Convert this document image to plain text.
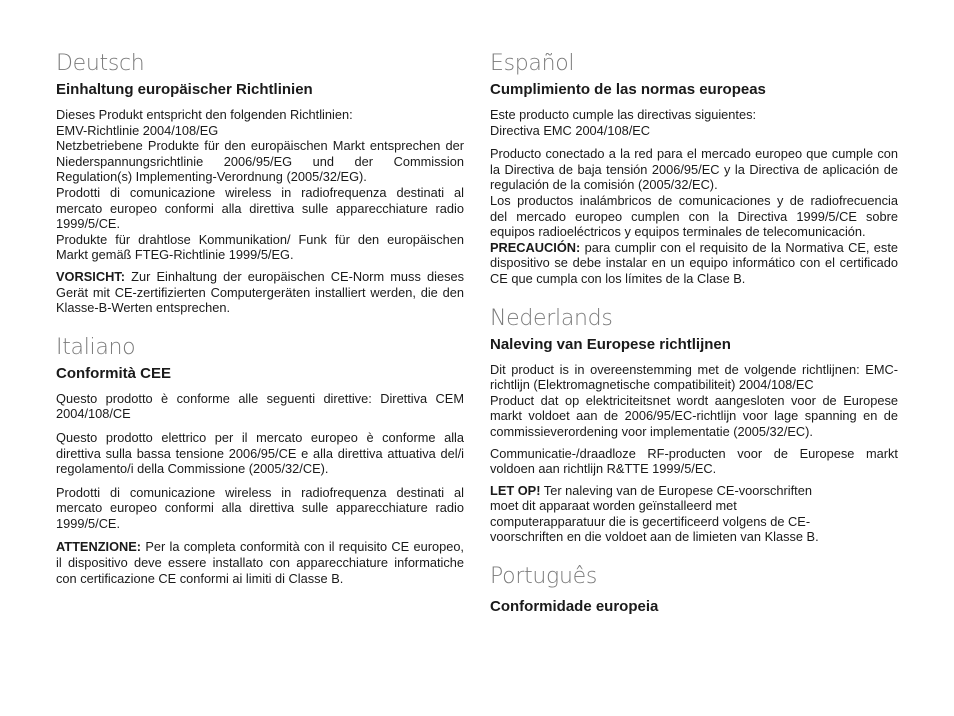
Deutsch
Einhaltung europäischer Richtlinien

Dieses Produkt entspricht den folgenden Richtlinien:
EMV-Richtlinie 2004/108/EG

Netzbetriebene Produkte für den europäischen Markt entsprechen der Niederspannungsrichtlinie 2006/95/EG und der Commission Regulation(s) Implementing-Verordnung (2005/32/EG).

Prodotti di comunicazione wireless in radiofrequenza destinati al mercato europeo conformi alla direttiva sulle apparecchiature radio 1999/5/CE.

Produkte für drahtlose Kommunikation/ Funk für den europäischen Markt gemäß FTEG-Richtlinie 1999/5/EG.

VORSICHT: Zur Einhaltung der europäischen CE-Norm muss dieses Gerät mit CE-zertifizierten Computergeräten installiert werden, die den Klasse-B-Werten entsprechen.

Italiano
Conformità CEE

Questo prodotto è conforme alle seguenti direttive: Direttiva CEM 2004/108/CE

Questo prodotto elettrico per il mercato europeo è conforme alla direttiva sulla bassa tensione 2006/95/CE e alla direttiva attuativa del/i regolamento/i della Commissione (2005/32/CE).

Prodotti di comunicazione wireless in radiofrequenza destinati al mercato europeo conformi alla direttiva sulle apparecchiature radio 1999/5/CE.

ATTENZIONE: Per la completa conformità con il requisito CE europeo, il dispositivo deve essere installato con apparecchiature informatiche con certificazione CE conformi ai limiti di Classe B.

Español
Cumplimiento de las normas europeas

Este producto cumple las directivas siguientes:
Directiva EMC 2004/108/EC

Producto conectado a la red para el mercado europeo que cumple con la Directiva de baja tensión 2006/95/EC y la Directiva de aplicación de regulación de la comisión (2005/32/EC).

Los productos inalámbricos de comunicaciones y de radiofrecuencia del mercado europeo cumplen con la Directiva 1999/5/CE sobre equipos radioeléctricos y equipos terminales de telecomunicación.

PRECAUCIÓN: para cumplir con el requisito de la Normativa CE, este dispositivo se debe instalar en un equipo informático con el certificado CE que cumpla con los límites de la Clase B.

Nederlands
Naleving van Europese richtlijnen

Dit product is in overeenstemming met de volgende richtlijnen: EMC-richtlijn (Elektromagnetische compatibiliteit) 2004/108/EC

Product dat op elektriciteitsnet wordt aangesloten voor de Europese markt voldoet aan de 2006/95/EC-richtlijn voor lage spanning en de commissieverordening voor implementatie (2005/32/EC).

Communicatie-/draadloze RF-producten voor de Europese markt voldoen aan richtlijn R&TTE 1999/5/EC.

LET OP! Ter naleving van de Europese CE-voorschriften
moet dit apparaat worden geïnstalleerd met
computerapparatuur die is gecertificeerd volgens de CE-
voorschriften en die voldoet aan de limieten van Klasse B.

Português
Conformidade europeia
